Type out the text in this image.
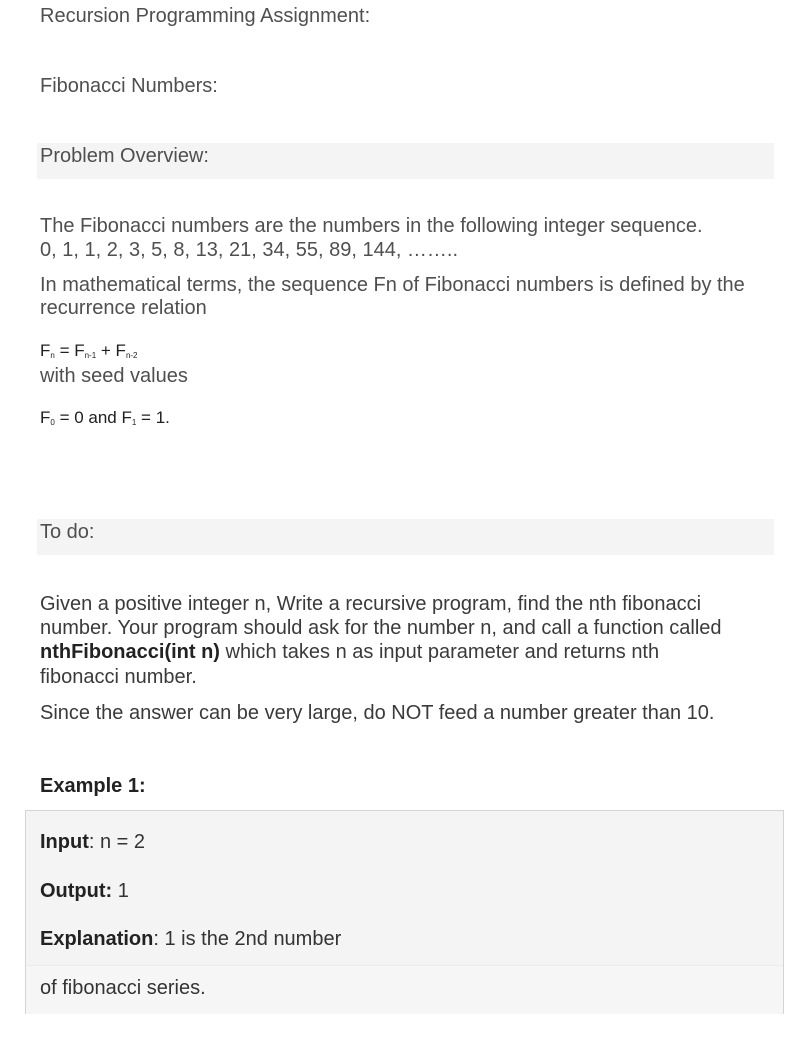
Recursion Programming Assignment:
Fibonacci Numbers:
Problem Overview:
The Fibonacci numbers are the numbers in the following integer sequence.
0, 1, 1, 2, 3, 5, 8, 13, 21, 34, 55, 89, 144, ……..
In mathematical terms, the sequence Fn of Fibonacci numbers is defined by the
recurrence relation
$F_n = F_{n-1} + F_{n-2}$
with seed values
$F_0 = 0$ and $F_1 = 1$.
To do:
Given a positive integer n, Write a recursive program, find the nth fibonacci
number. Your program should ask for the number n, and call a function called
nthFibonacci(int n) which takes n as input parameter and returns nth
fibonacci number.
Since the answer can be very large, do NOT feed a number greater than 10.
Example 1:
Input: n = 2
Output: 1
Explanation: 1 is the 2nd number
of fibonacci series.
